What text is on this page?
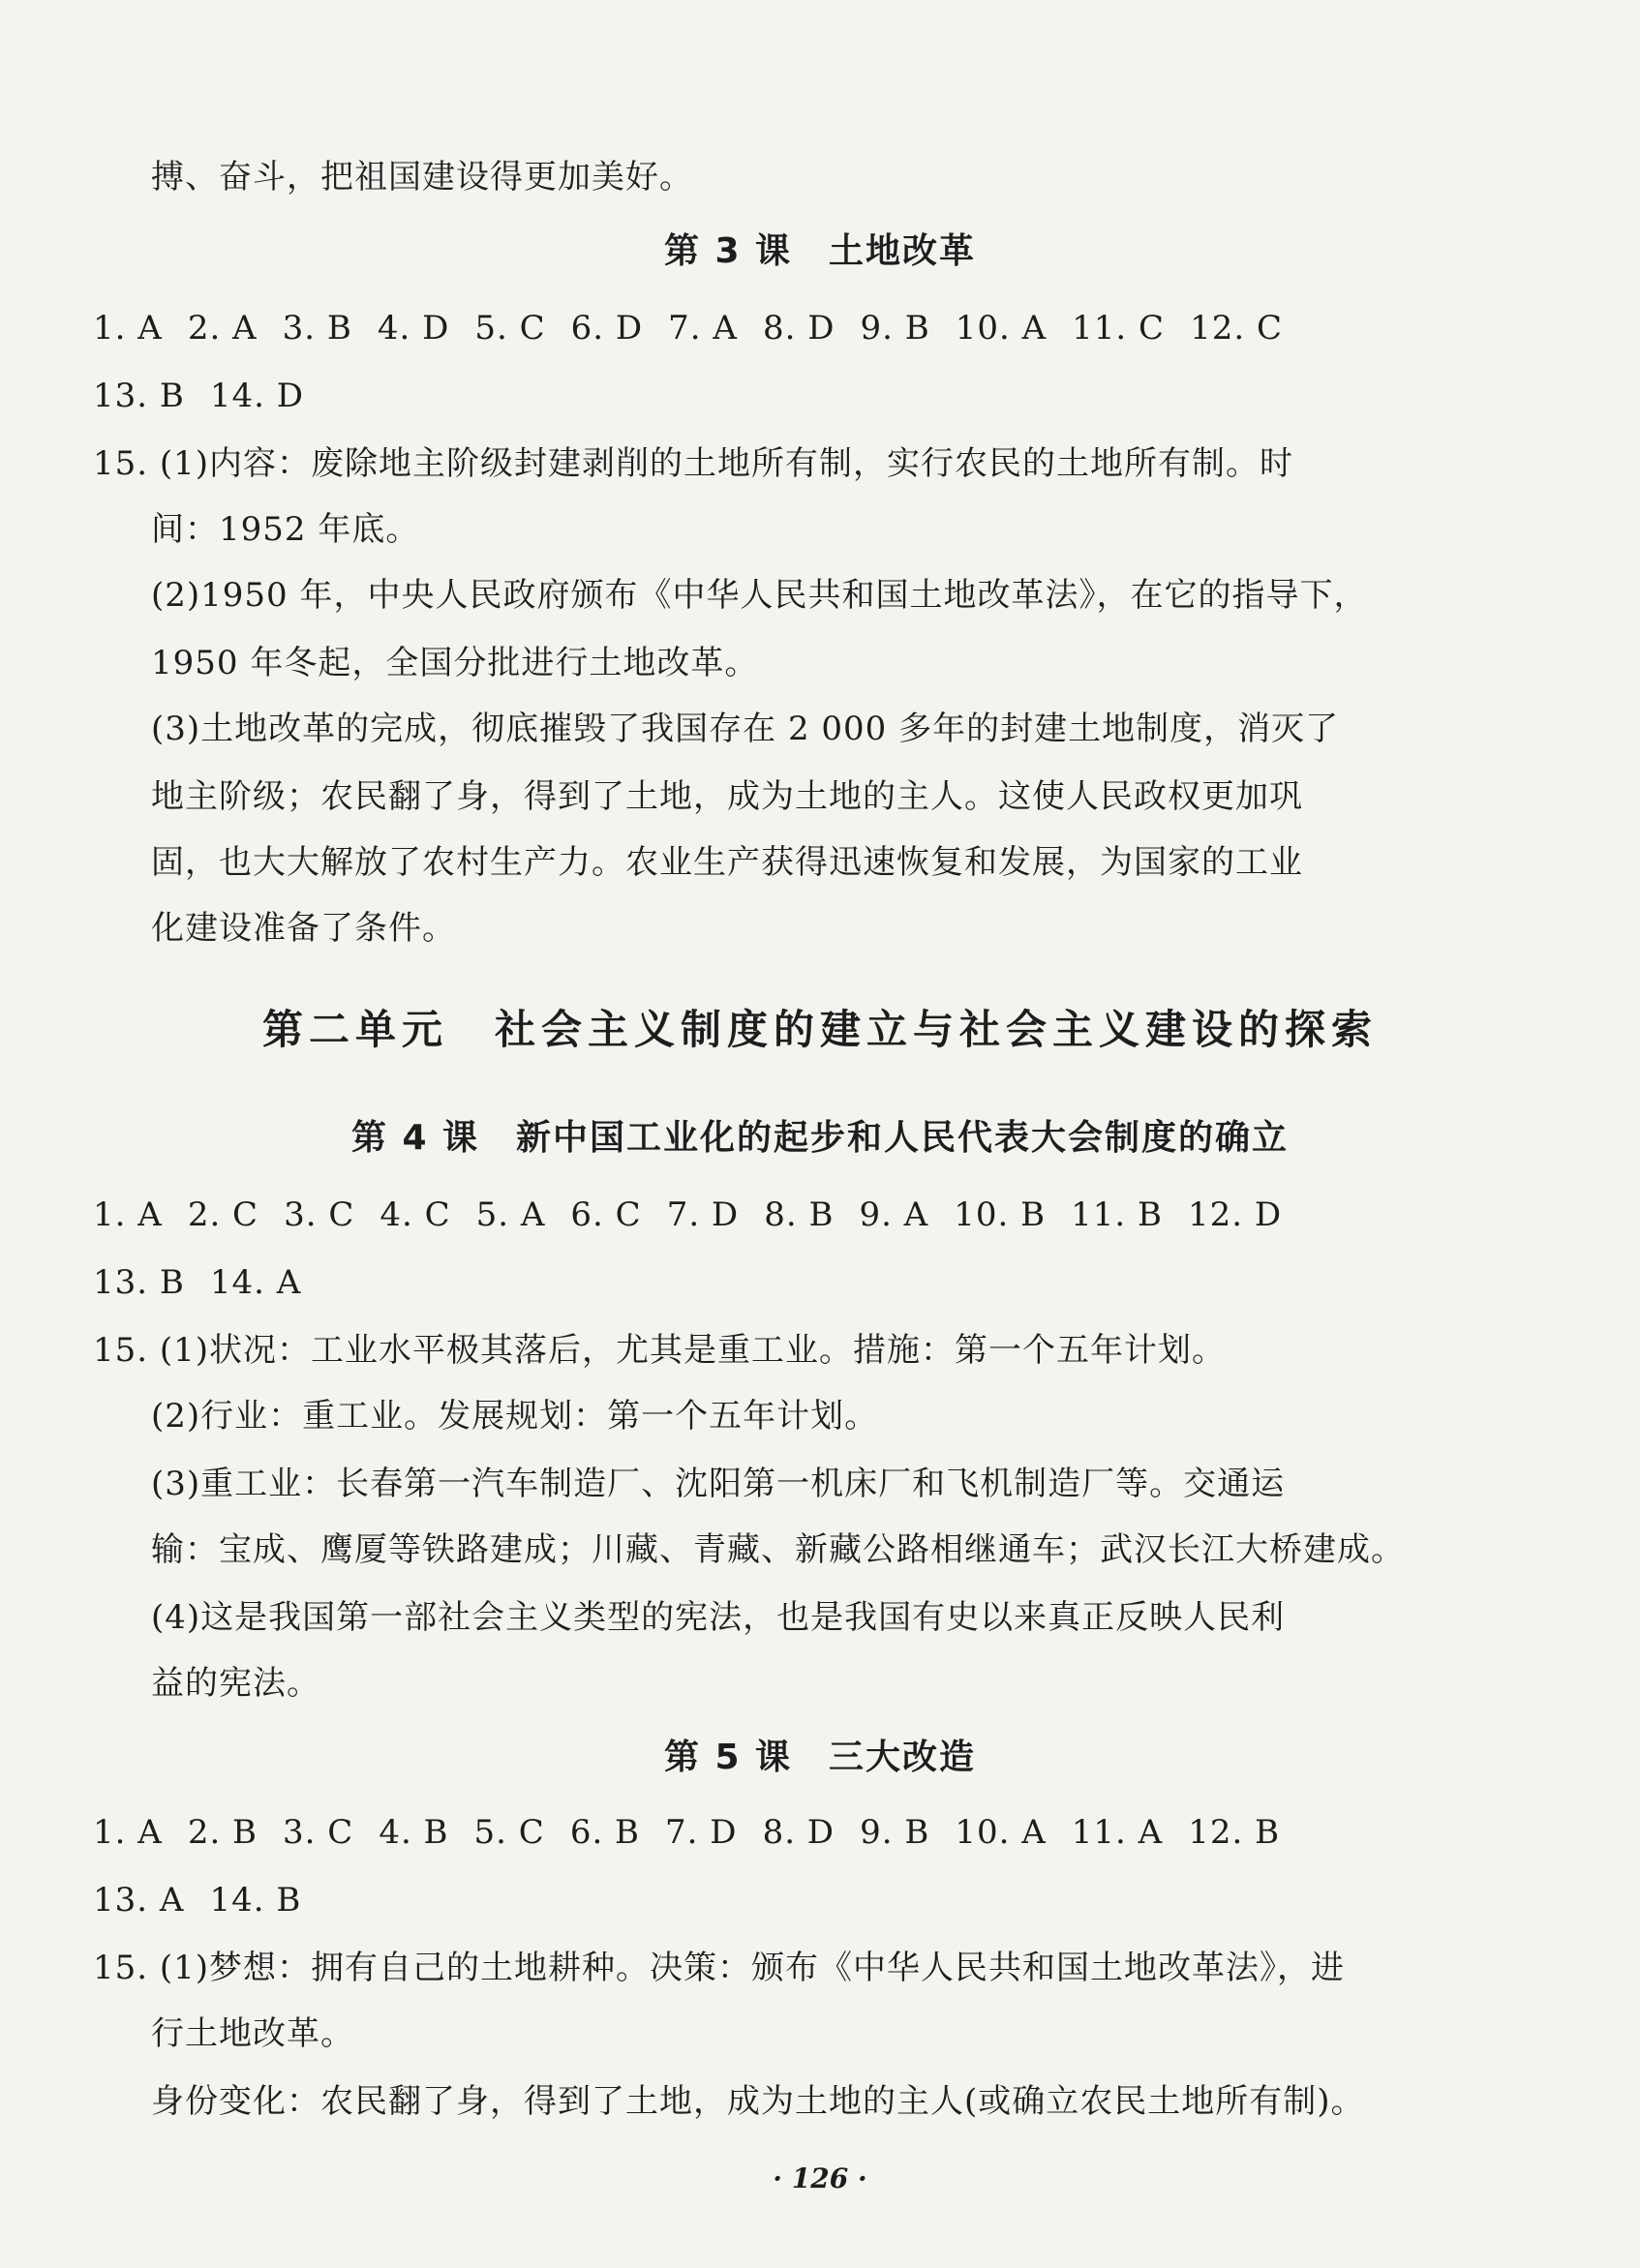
搏、奋斗，把祖国建设得更加美好。
第 3 课　土地改革
1. A 2. A 3. B 4. D 5. C 6. D 7. A 8. D 9. B 10. A 11. C 12. C
13. B 14. D
15. (1)内容：废除地主阶级封建剥削的土地所有制，实行农民的土地所有制。时
间：1952 年底。
(2)1950 年，中央人民政府颁布《中华人民共和国土地改革法》，在它的指导下，
1950 年冬起，全国分批进行土地改革。
(3)土地改革的完成，彻底摧毁了我国存在 2 000 多年的封建土地制度，消灭了
地主阶级；农民翻了身，得到了土地，成为土地的主人。这使人民政权更加巩
固，也大大解放了农村生产力。农业生产获得迅速恢复和发展，为国家的工业
化建设准备了条件。
第二单元　社会主义制度的建立与社会主义建设的探索
第 4 课　新中国工业化的起步和人民代表大会制度的确立
1. A 2. C 3. C 4. C 5. A 6. C 7. D 8. B 9. A 10. B 11. B 12. D
13. B 14. A
15. (1)状况：工业水平极其落后，尤其是重工业。措施：第一个五年计划。
(2)行业：重工业。发展规划：第一个五年计划。
(3)重工业：长春第一汽车制造厂、沈阳第一机床厂和飞机制造厂等。交通运
输：宝成、鹰厦等铁路建成；川藏、青藏、新藏公路相继通车；武汉长江大桥建成。
(4)这是我国第一部社会主义类型的宪法，也是我国有史以来真正反映人民利
益的宪法。
第 5 课　三大改造
1. A 2. B 3. C 4. B 5. C 6. B 7. D 8. D 9. B 10. A 11. A 12. B
13. A 14. B
15. (1)梦想：拥有自己的土地耕种。决策：颁布《中华人民共和国土地改革法》，进
行土地改革。
身份变化：农民翻了身，得到了土地，成为土地的主人(或确立农民土地所有制)。
· 126 ·
